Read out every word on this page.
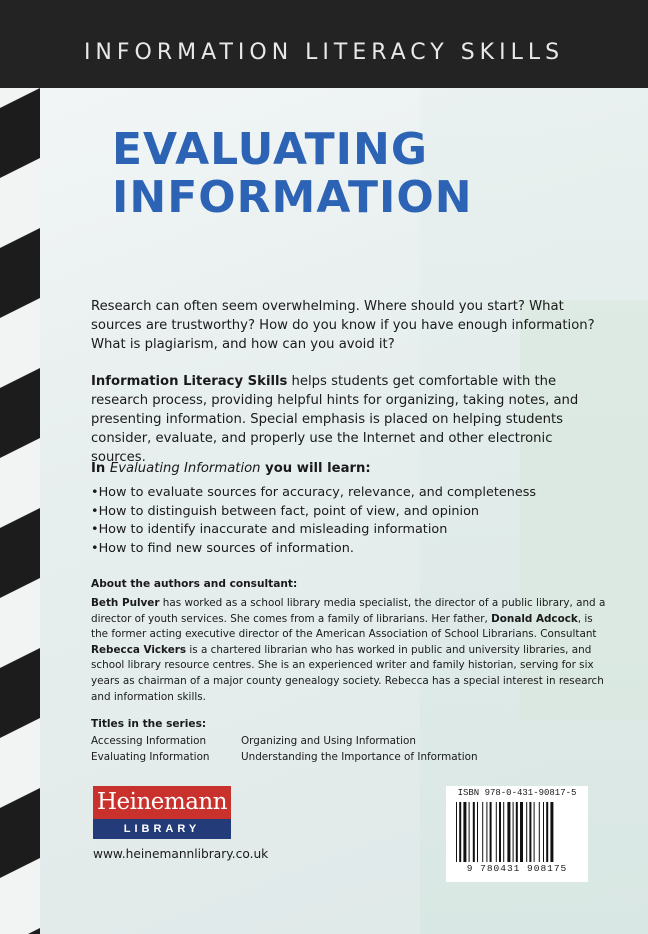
INFORMATION LITERACY SKILLS
EVALUATING
INFORMATION

Research can often seem overwhelming. Where should you start? What sources are trustworthy? How do you know if you have enough information? What is plagiarism, and how can you avoid it?

Information Literacy Skills helps students get comfortable with the research process, providing helpful hints for organizing, taking notes, and presenting information. Special emphasis is placed on helping students consider, evaluate, and properly use the Internet and other electronic sources.

In Evaluating Information you will learn:

• How to evaluate sources for accuracy, relevance, and completeness
• How to distinguish between fact, point of view, and opinion
• How to identify inaccurate and misleading information
• How to find new sources of information.

About the authors and consultant:

Beth Pulver has worked as a school library media specialist, the director of a public library, and a director of youth services. She comes from a family of librarians. Her father, Donald Adcock, is the former acting executive director of the American Association of School Librarians. Consultant Rebecca Vickers is a chartered librarian who has worked in public and university libraries, and school library resource centres. She is an experienced writer and family historian, serving for six years as chairman of a major county genealogy society. Rebecca has a special interest in research and information skills.

Titles in the series:

Accessing Information
Evaluating Information
Organizing and Using Information
Understanding the Importance of Information
Heinemann
LIBRARY
www.heinemannlibrary.co.uk
ISBN 978-0-431-90817-5
9 780431 908175
